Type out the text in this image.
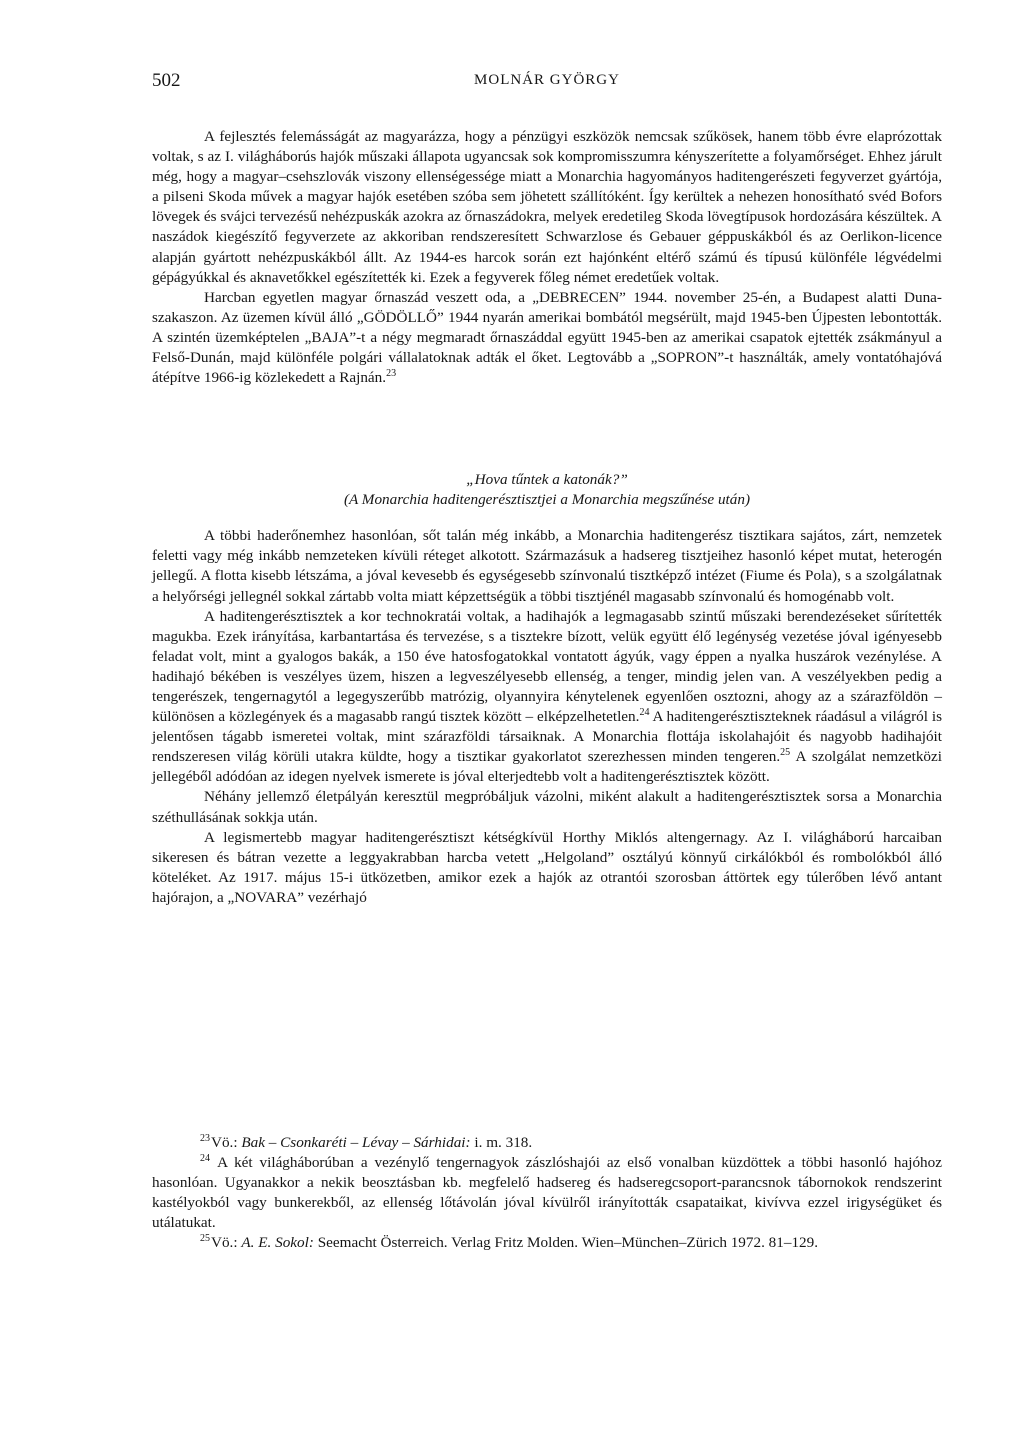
502	MOLNÁR GYÖRGY

A fejlesztés felemásságát az magyarázza, hogy a pénzügyi eszközök nemcsak szűkösek, hanem több évre elaprózottak voltak, s az I. világháborús hajók műszaki állapota ugyancsak sok kompromisszumra kényszerítette a folyamőrséget. Ehhez járult még, hogy a magyar–csehszlovák viszony ellenségessége miatt a Monarchia hagyományos haditengerészeti fegyverzet gyártója, a pilseni Skoda művek a magyar hajók esetében szóba sem jöhetett szállítóként. Így kerültek a nehezen honosítható svéd Bofors lövegek és svájci tervezésű nehézpuskák azokra az őrnaszádokra, melyek eredetileg Skoda lövegtípusok hordozására készültek. A naszádok kiegészítő fegyverzete az akkoriban rendszeresített Schwarzlose és Gebauer géppuskákból és az Oerlikon-licence alapján gyártott nehézpuskákból állt. Az 1944-es harcok során ezt hajónként eltérő számú és típusú különféle légvédelmi gépágyúkkal és aknavetőkkel egészítették ki. Ezek a fegyverek főleg német eredetűek voltak.

Harcban egyetlen magyar őrnaszád veszett oda, a „DEBRECEN” 1944. november 25-én, a Budapest alatti Duna-szakaszon. Az üzemen kívül álló „GÖDÖLLŐ” 1944 nyarán amerikai bombától megsérült, majd 1945-ben Újpesten lebontották. A szintén üzemképtelen „BAJA”-t a négy megmaradt őrnaszáddal együtt 1945-ben az amerikai csapatok ejtették zsákmányul a Felső-Dunán, majd különféle polgári vállalatoknak adták el őket. Legtovább a „SOPRON”-t használták, amely vontatóhajóvá átépítve 1966-ig közlekedett a Rajnán.$^{23}$

„Hova tűntek a katonák?”
(A Monarchia haditengerésztisztjei a Monarchia megszűnése után)

A többi haderőnemhez hasonlóan, sőt talán még inkább, a Monarchia haditengerész tisztikara sajátos, zárt, nemzetek feletti vagy még inkább nemzeteken kívüli réteget alkotott. Származásuk a hadsereg tisztjeihez hasonló képet mutat, heterogén jellegű. A flotta kisebb létszáma, a jóval kevesebb és egységesebb színvonalú tisztképző intézet (Fiume és Pola), s a szolgálatnak a helyőrségi jellegnél sokkal zártabb volta miatt képzettségük a többi tisztjénél magasabb színvonalú és homogénabb volt.

A haditengerésztisztek a kor technokratái voltak, a hadihajók a legmagasabb szintű műszaki berendezéseket sűrítették magukba. Ezek irányítása, karbantartása és tervezése, s a tisztekre bízott, velük együtt élő legénység vezetése jóval igényesebb feladat volt, mint a gyalogos bakák, a 150 éve hatosfogatokkal vontatott ágyúk, vagy éppen a nyalka huszárok vezénylése. A hadihajó békében is veszélyes üzem, hiszen a legveszélyesebb ellenség, a tenger, mindig jelen van. A veszélyekben pedig a tengerészek, tengernagytól a legegyszerűbb matrózig, olyannyira kénytelenek egyenlően osztozni, ahogy az a szárazföldön – különösen a közlegények és a magasabb rangú tisztek között – elképzelhetetlen.$^{24}$ A haditengerésztiszteknek ráadásul a világról is jelentősen tágabb ismeretei voltak, mint szárazföldi társaiknak. A Monarchia flottája iskolahajóit és nagyobb hadihajóit rendszeresen világ körüli utakra küldte, hogy a tisztikar gyakorlatot szerezhessen minden tengeren.$^{25}$ A szolgálat nemzetközi jellegéből adódóan az idegen nyelvek ismerete is jóval elterjedtebb volt a haditengerésztisztek között.

Néhány jellemző életpályán keresztül megpróbáljuk vázolni, miként alakult a haditengerésztisztek sorsa a Monarchia széthullásának sokkja után.

A legismertebb magyar haditengerésztiszt kétségkívül Horthy Miklós altengernagy. Az I. világháború harcaiban sikeresen és bátran vezette a leggyakrabban harcba vetett „Helgoland” osztályú könnyű cirkálókból és rombolókból álló köteléket. Az 1917. május 15-i ütközetben, amikor ezek a hajók az otrantói szorosban áttörtek egy túlerőben lévő antant hajórajon, a „NOVARA” vezérhajó

$^{23}$Vö.: Bak – Csonkaréti – Lévay – Sárhidai: i. m. 318.

$^{24}$ A két világháborúban a vezénylő tengernagyok zászlóshajói az első vonalban küzdöttek a többi hasonló hajóhoz hasonlóan. Ugyanakkor a nekik beosztásban kb. megfelelő hadsereg és hadseregcsoport-parancsnok tábornokok rendszerint kastélyokból vagy bunkerekből, az ellenség lőtávolán jóval kívülről irányították csapataikat, kivívva ezzel irigységüket és utálatukat.

$^{25}$Vö.: A. E. Sokol: Seemacht Österreich. Verlag Fritz Molden. Wien–München–Zürich 1972. 81–129.
